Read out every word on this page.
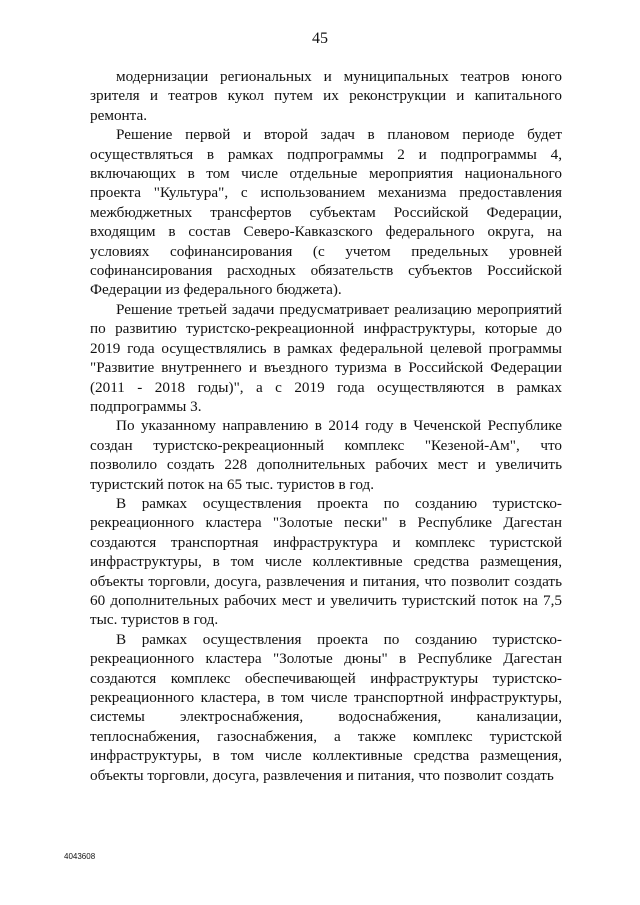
45

модернизации региональных и муниципальных театров юного зрителя и театров кукол путем их реконструкции и капитального ремонта.

Решение первой и второй задач в плановом периоде будет осуществляться в рамках подпрограммы 2 и подпрограммы 4, включающих в том числе отдельные мероприятия национального проекта "Культура", с использованием механизма предоставления межбюджетных трансфертов субъектам Российской Федерации, входящим в состав Северо-Кавказского федерального округа, на условиях софинансирования (с учетом предельных уровней софинансирования расходных обязательств субъектов Российской Федерации из федерального бюджета).

Решение третьей задачи предусматривает реализацию мероприятий по развитию туристско-рекреационной инфраструктуры, которые до 2019 года осуществлялись в рамках федеральной целевой программы "Развитие внутреннего и въездного туризма в Российской Федерации (2011 - 2018 годы)", а с 2019 года осуществляются в рамках подпрограммы 3.

По указанному направлению в 2014 году в Чеченской Республике создан туристско-рекреационный комплекс "Кезеной-Ам", что позволило создать 228 дополнительных рабочих мест и увеличить туристский поток на 65 тыс. туристов в год.

В рамках осуществления проекта по созданию туристско-рекреационного кластера "Золотые пески" в Республике Дагестан создаются транспортная инфраструктура и комплекс туристской инфраструктуры, в том числе коллективные средства размещения, объекты торговли, досуга, развлечения и питания, что позволит создать 60 дополнительных рабочих мест и увеличить туристский поток на 7,5 тыс. туристов в год.

В рамках осуществления проекта по созданию туристско-рекреационного кластера "Золотые дюны" в Республике Дагестан создаются комплекс обеспечивающей инфраструктуры туристско-рекреационного кластера, в том числе транспортной инфраструктуры, системы электроснабжения, водоснабжения, канализации, теплоснабжения, газоснабжения, а также комплекс туристской инфраструктуры, в том числе коллективные средства размещения, объекты торговли, досуга, развлечения и питания, что позволит создать

4043608
